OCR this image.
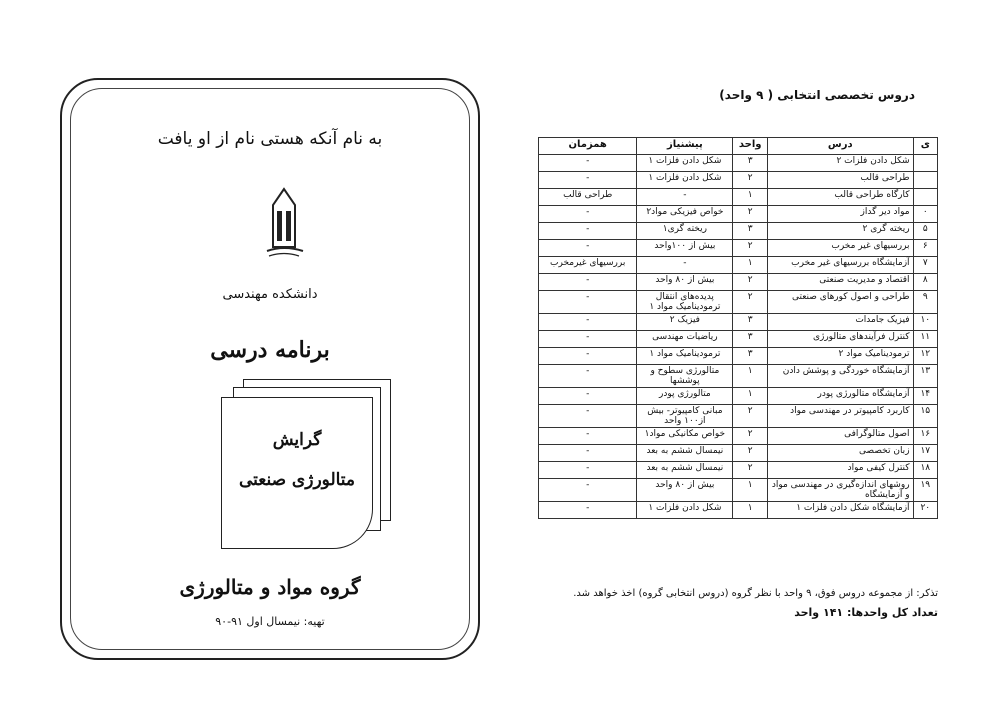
به نام آنکه هستی نام از او یافت
دانشکده مهندسی
برنامه درسی
گرایش
متالورژی صنعتی
گروه مواد و متالورژی
تهیه: نیمسال اول ۹۱-۹۰
دروس تخصصی انتخابی ( ۹ واحد)
ی	درس	واحد	پیشنیاز	همزمان
	شکل دادن فلزات ۲	۳	شکل دادن فلزات ۱	-
	طراحی قالب	۲	شکل دادن فلزات ۱	-
	کارگاه طراحی قالب	۱	-	طراحی قالب
۰	مواد دیر گداز	۲	خواص فیزیکی مواد۲	-
۵	ریخته گری ۲	۳	ریخته گری۱	-
۶	بررسیهای غیر مخرب	۲	بیش از ۱۰۰واحد	-
۷	آزمایشگاه بررسیهای غیر مخرب	۱	-	بررسیهای غیرمخرب
۸	اقتصاد و مدیریت صنعتی	۲	بیش از ۸۰ واحد	-
۹	طراحی و اصول کورهای صنعتی	۲	پدیده‌های انتقال ترمودینامیک مواد ۱	-
۱۰	فیزیک جامدات	۳	فیزیک ۲	-
۱۱	کنترل فرآیندهای متالورژی	۳	ریاضیات مهندسی	-
۱۲	ترمودینامیک مواد ۲	۳	ترمودینامیک مواد ۱	-
۱۳	آزمایشگاه خوردگی و پوشش دادن	۱	متالورژی سطوح و پوششها	-
۱۴	آزمایشگاه متالورژی پودر	۱	متالورژی پودر	-
۱۵	کاربرد کامپیوتر در مهندسی مواد	۲	مبانی کامپیوتر- بیش از۱۰۰ واحد	-
۱۶	اصول متالوگرافی	۲	خواص مکانیکی مواد۱	-
۱۷	زبان تخصصی	۲	نیمسال ششم به بعد	-
۱۸	کنترل کیفی مواد	۲	نیمسال ششم به بعد	-
۱۹	روشهای اندازه‌گیری در مهندسی مواد و آزمایشگاه	۱	بیش از ۸۰ واحد	-
۲۰	آزمایشگاه شکل دادن فلزات ۱	۱	شکل دادن فلزات ۱	-
تذکر: از مجموعه دروس فوق، ۹ واحد با نظر گروه (دروس انتخابی گروه) اخذ خواهد شد.
تعداد کل واحدها: ۱۴۱ واحد
